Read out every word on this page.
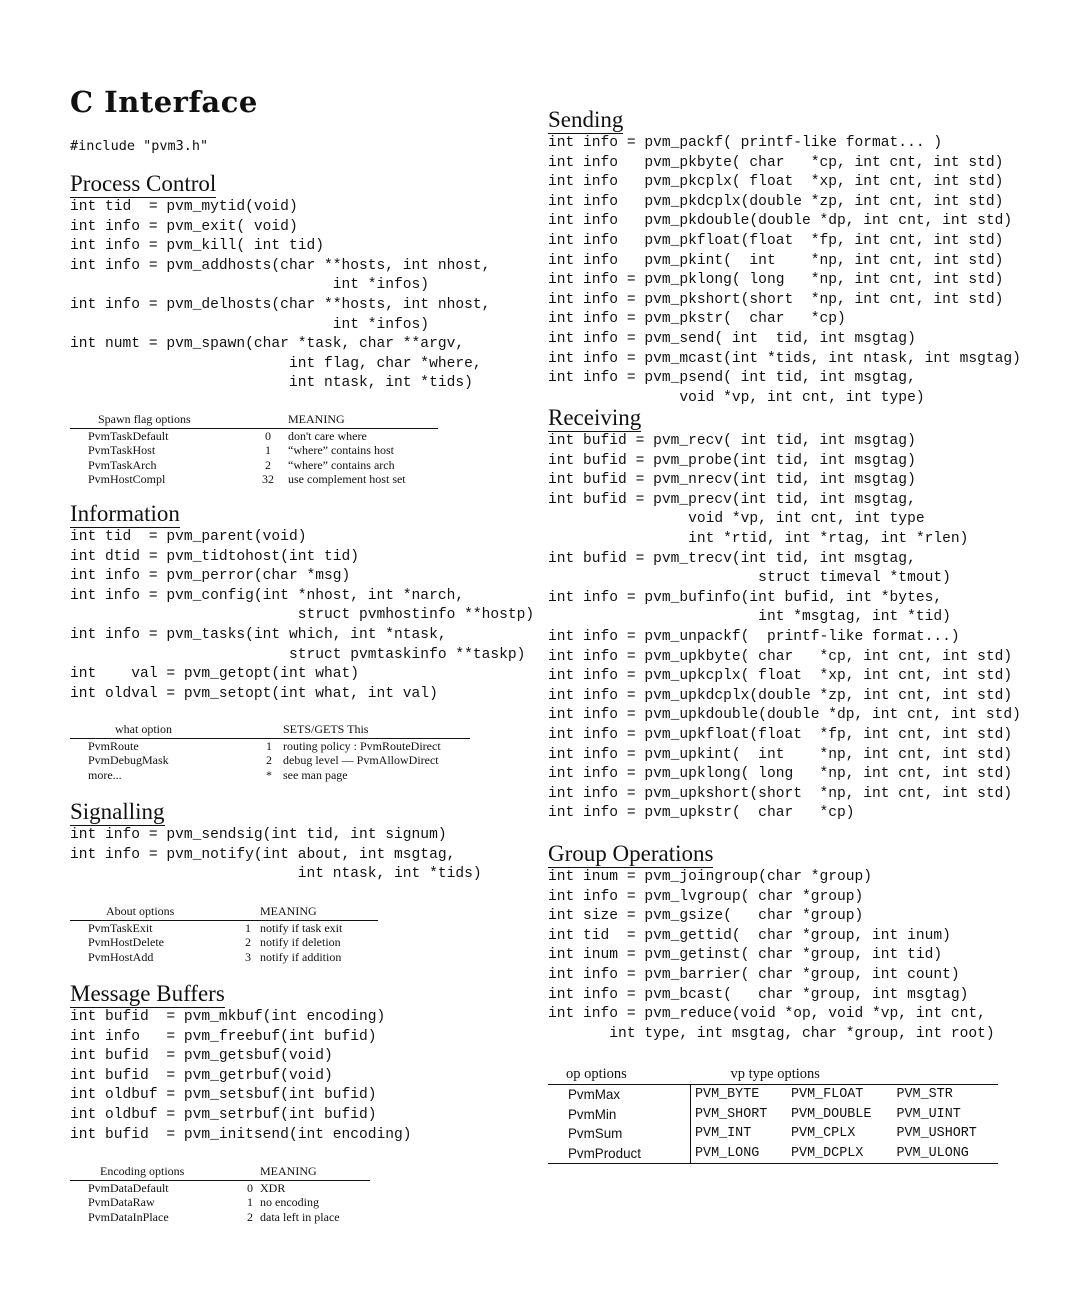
C Interface
#include "pvm3.h"
Process Control
int tid  = pvm_mytid(void)
int info = pvm_exit( void)
int info = pvm_kill( int tid)
int info = pvm_addhosts(char **hosts, int nhost,
int *infos)
int info = pvm_delhosts(char **hosts, int nhost,
int *infos)
int numt = pvm_spawn(char *task, char **argv,
int flag, char *where,
int ntask, int *tids)
Spawn flag options		MEANING
PvmTaskDefault	0	don't care where
PvmTaskHost	1	“where” contains host
PvmTaskArch	2	“where” contains arch
PvmHostCompl	32	use complement host set
Information
int tid  = pvm_parent(void)
int dtid = pvm_tidtohost(int tid)
int info = pvm_perror(char *msg)
int info = pvm_config(int *nhost, int *narch,
struct pvmhostinfo **hostp)
int info = pvm_tasks(int which, int *ntask,
struct pvmtaskinfo **taskp)
int    val = pvm_getopt(int what)
int oldval = pvm_setopt(int what, int val)
what option		SETS/GETS This
PvmRoute	1	routing policy : PvmRouteDirect
PvmDebugMask	2	debug level — PvmAllowDirect
more...	*	see man page
Signalling
int info = pvm_sendsig(int tid, int signum)
int info = pvm_notify(int about, int msgtag,
int ntask, int *tids)
About options		MEANING
PvmTaskExit	1	notify if task exit
PvmHostDelete	2	notify if deletion
PvmHostAdd	3	notify if addition
Message Buffers
int bufid  = pvm_mkbuf(int encoding)
int info   = pvm_freebuf(int bufid)
int bufid  = pvm_getsbuf(void)
int bufid  = pvm_getrbuf(void)
int oldbuf = pvm_setsbuf(int bufid)
int oldbuf = pvm_setrbuf(int bufid)
int bufid  = pvm_initsend(int encoding)
Encoding options		MEANING
PvmDataDefault	0	XDR
PvmDataRaw	1	no encoding
PvmDataInPlace	2	data left in place
Sending
int info = pvm_packf( printf-like format... )
int info   pvm_pkbyte( char   *cp, int cnt, int std)
int info   pvm_pkcplx( float  *xp, int cnt, int std)
int info   pvm_pkdcplx(double *zp, int cnt, int std)
int info   pvm_pkdouble(double *dp, int cnt, int std)
int info   pvm_pkfloat(float  *fp, int cnt, int std)
int info   pvm_pkint(  int    *np, int cnt, int std)
int info = pvm_pklong( long   *np, int cnt, int std)
int info = pvm_pkshort(short  *np, int cnt, int std)
int info = pvm_pkstr(  char   *cp)
int info = pvm_send( int  tid, int msgtag)
int info = pvm_mcast(int *tids, int ntask, int msgtag)
int info = pvm_psend( int tid, int msgtag,
void *vp, int cnt, int type)
Receiving
int bufid = pvm_recv( int tid, int msgtag)
int bufid = pvm_probe(int tid, int msgtag)
int bufid = pvm_nrecv(int tid, int msgtag)
int bufid = pvm_precv(int tid, int msgtag,
void *vp, int cnt, int type
int *rtid, int *rtag, int *rlen)
int bufid = pvm_trecv(int tid, int msgtag,
struct timeval *tmout)
int info = pvm_bufinfo(int bufid, int *bytes,
int *msgtag, int *tid)
int info = pvm_unpackf(  printf-like format...)
int info = pvm_upkbyte( char   *cp, int cnt, int std)
int info = pvm_upkcplx( float  *xp, int cnt, int std)
int info = pvm_upkdcplx(double *zp, int cnt, int std)
int info = pvm_upkdouble(double *dp, int cnt, int std)
int info = pvm_upkfloat(float  *fp, int cnt, int std)
int info = pvm_upkint(  int    *np, int cnt, int std)
int info = pvm_upklong( long   *np, int cnt, int std)
int info = pvm_upkshort(short  *np, int cnt, int std)
int info = pvm_upkstr(  char   *cp)
Group Operations
int inum = pvm_joingroup(char *group)
int info = pvm_lvgroup( char *group)
int size = pvm_gsize(   char *group)
int tid  = pvm_gettid(  char *group, int inum)
int inum = pvm_getinst( char *group, int tid)
int info = pvm_barrier( char *group, int count)
int info = pvm_bcast(   char *group, int msgtag)
int info = pvm_reduce(void *op, void *vp, int cnt,
int type, int msgtag, char *group, int root)
op options	vp type options		
PvmMax	PVM_BYTE	PVM_FLOAT	PVM_STR
PvmMin	PVM_SHORT	PVM_DOUBLE	PVM_UINT
PvmSum	PVM_INT	PVM_CPLX	PVM_USHORT
PvmProduct	PVM_LONG	PVM_DCPLX	PVM_ULONG
